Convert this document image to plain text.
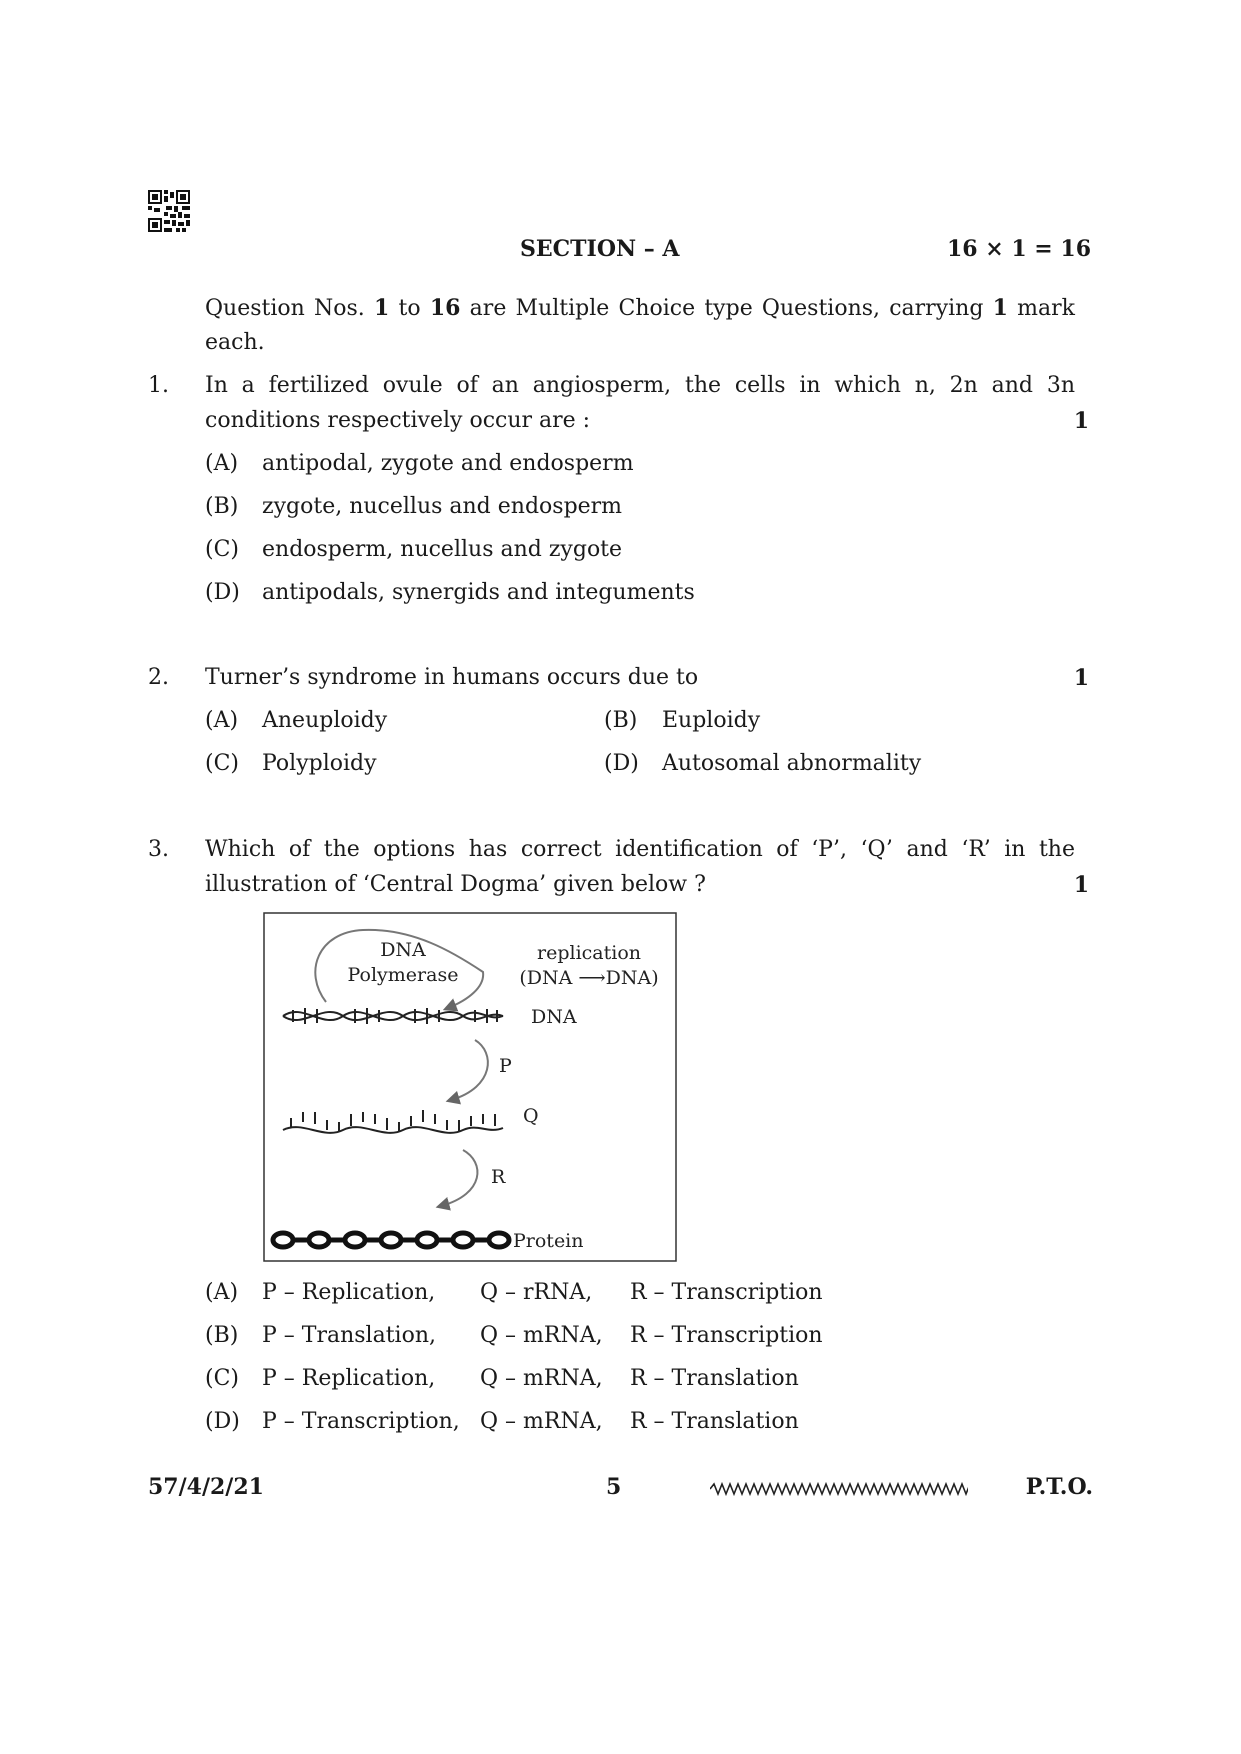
SECTION – A	16 × 1 = 16
Question Nos. 1 to 16 are Multiple Choice type Questions, carrying 1 mark
each.
1. In a fertilized ovule of an angiosperm, the cells in which n, 2n and 3n
conditions respectively occur are :	1
(A) antipodal, zygote and endosperm
(B) zygote, nucellus and endosperm
(C) endosperm, nucellus and zygote
(D) antipodals, synergids and integuments
2. Turner’s syndrome in humans occurs due to	1
(A) Aneuploidy	(B) Euploidy
(C) Polyploidy	(D) Autosomal abnormality
3. Which of the options has correct identification of ‘P’, ‘Q’ and ‘R’ in the
illustration of ‘Central Dogma’ given below ?	1
DNA
Polymerase
replication
(DNA ⟶DNA)
DNA
P
Q
R
Protein
(A) P – Replication, Q – rRNA, R – Transcription
(B) P – Translation, Q – mRNA, R – Transcription
(C) P – Replication, Q – mRNA, R – Translation
(D) P – Transcription, Q – mRNA, R – Translation
57/4/2/21	5	P.T.O.
